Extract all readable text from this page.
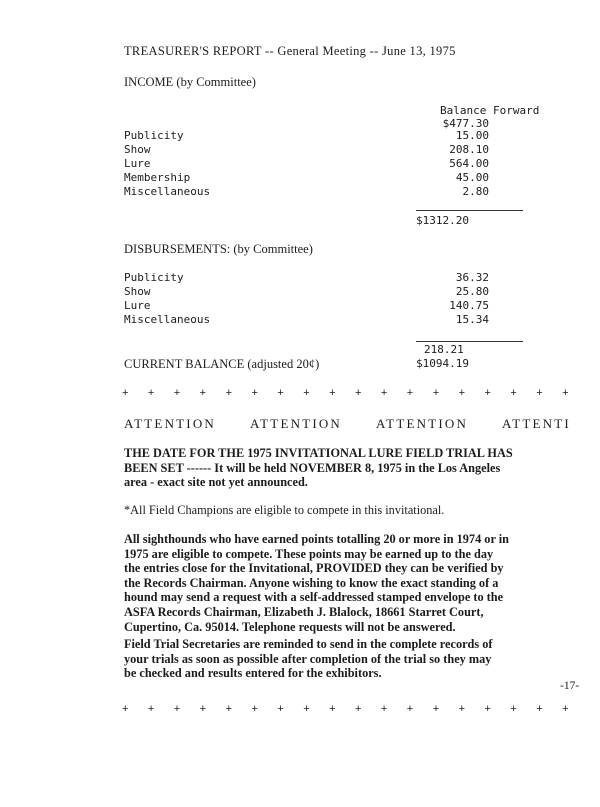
TREASURER'S REPORT -- General Meeting -- June 13, 1975
INCOME (by Committee)
Balance Forward
$477.30
Publicity	15.00
Show	208.10
Lure	564.00
Membership	45.00
Miscellaneous	2.80
$1312.20
DISBURSEMENTS: (by Committee)
Publicity	36.32
Show	25.80
Lure	140.75
Miscellaneous	15.34
218.21
CURRENT BALANCE (adjusted 20¢)	$1094.19
+ + + + + + + + + + + + + + + + + +
ATTENTION	ATTENTION	ATTENTION	ATTENTI
THE DATE FOR THE 1975 INVITATIONAL LURE FIELD TRIAL HAS
BEEN SET ------ It will be held NOVEMBER 8, 1975 in the Los Angeles
area - exact site not yet announced.
*All Field Champions are eligible to compete in this invitational.
All sighthounds who have earned points totalling 20 or more in 1974 or in
1975 are eligible to compete. These points may be earned up to the day
the entries close for the Invitational, PROVIDED they can be verified by
the Records Chairman. Anyone wishing to know the exact standing of a
hound may send a request with a self-addressed stamped envelope to the
ASFA Records Chairman, Elizabeth J. Blalock, 18661 Starret Court,
Cupertino, Ca. 95014. Telephone requests will not be answered.
Field Trial Secretaries are reminded to send in the complete records of
your trials as soon as possible after completion of the trial so they may
be checked and results entered for the exhibitors.
-17-
+ + + + + + + + + + + + + + + + + +
